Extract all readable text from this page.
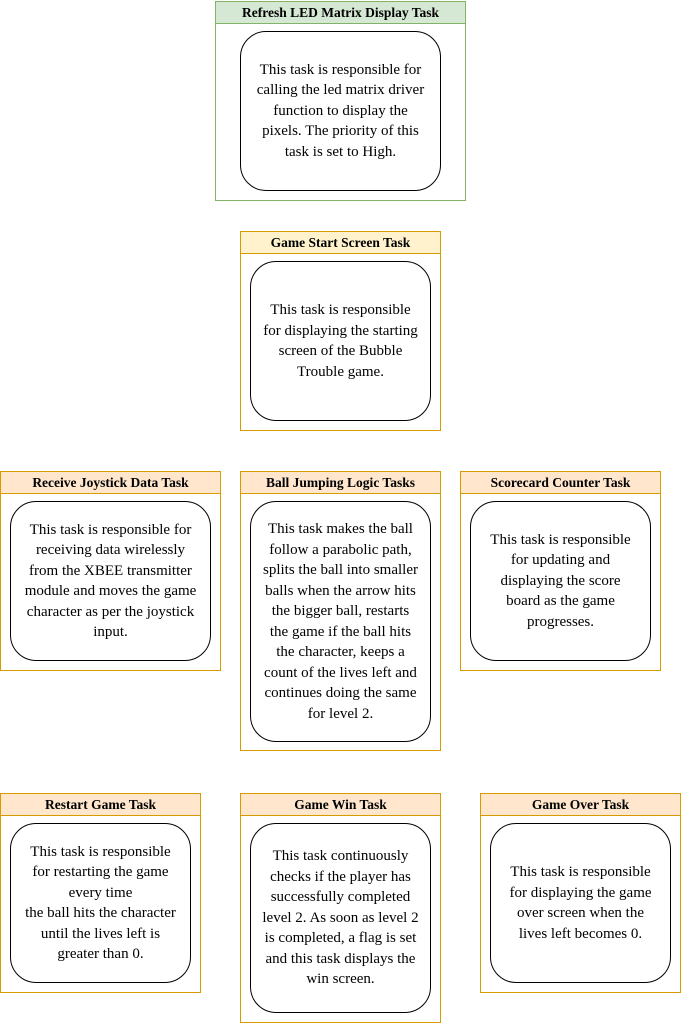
Refresh LED Matrix Display Task
This task is responsible for
calling the led matrix driver
function to display the
pixels. The priority of this
task is set to High.
Game Start Screen Task
This task is responsible
for displaying the starting
screen of the Bubble
Trouble game.
Receive Joystick Data Task
This task is responsible for
receiving data wirelessly
from the XBEE transmitter
module and moves the game
character as per the joystick
input.
Ball Jumping Logic Tasks
This task makes the ball
follow a parabolic path,
splits the ball into smaller
balls when the arrow hits
the bigger ball, restarts
the game if the ball hits
the character, keeps a
count of the lives left and
continues doing the same
for level 2.
Scorecard Counter Task
This task is responsible
for updating and
displaying the score
board as the game
progresses.
Restart Game Task
This task is responsible
for restarting the game
every time
the ball hits the character
until the lives left is
greater than 0.
Game Win Task
This task continuously
checks if the player has
successfully completed
level 2. As soon as level 2
is completed, a flag is set
and this task displays the
win screen.
Game Over Task
This task is responsible
for displaying the game
over screen when the
lives left becomes 0.
